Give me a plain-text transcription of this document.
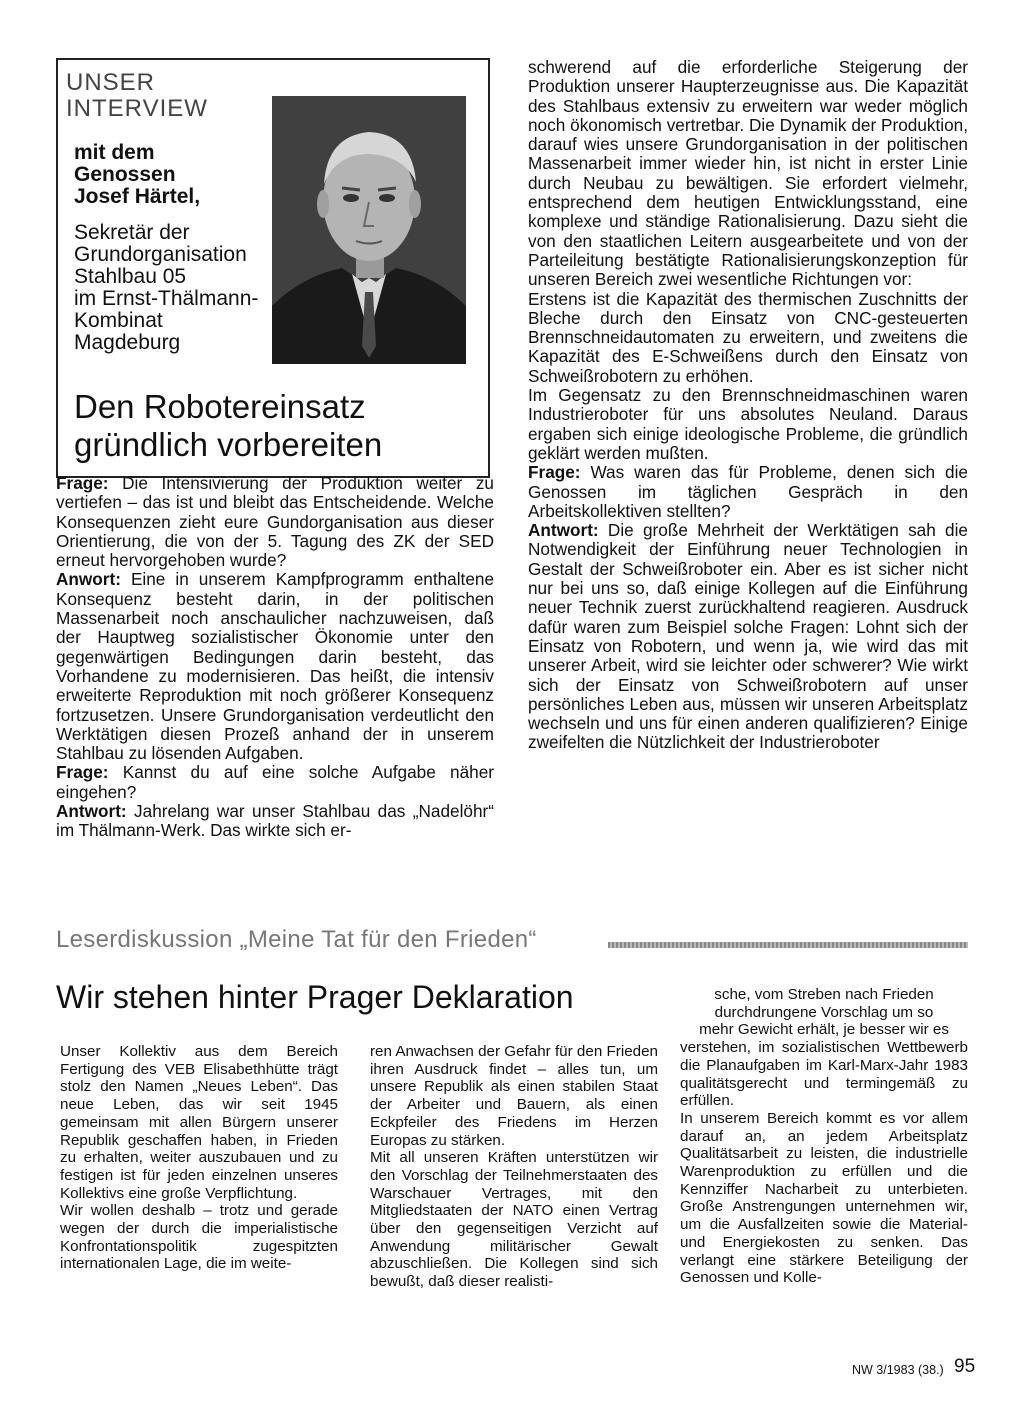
UNSER
INTERVIEW

mit dem

Genossen

Josef Härtel,

Sekretär der

Grundorganisation

Stahlbau 05

im Ernst-Thälmann-

Kombinat

Magdeburg

Den Robotereinsatz
gründlich vorbereiten

Frage: Die Intensivierung der Produktion weiter zu vertiefen – das ist und bleibt das Entscheidende. Welche Konsequenzen zieht eure Gundorganisation aus dieser Orientierung, die von der 5. Tagung des ZK der SED erneut hervorgehoben wurde?

Anwort: Eine in unserem Kampfprogramm enthaltene Konsequenz besteht darin, in der politischen Massenarbeit noch anschaulicher nachzuweisen, daß der Hauptweg sozialistischer Ökonomie unter den gegenwärtigen Bedingungen darin besteht, das Vorhandene zu modernisieren. Das heißt, die intensiv erweiterte Reproduktion mit noch größerer Konsequenz fortzusetzen. Unsere Grundorganisation verdeutlicht den Werktätigen diesen Prozeß anhand der in unserem Stahlbau zu lösenden Aufgaben.

Frage: Kannst du auf eine solche Aufgabe näher eingehen?

Antwort: Jahrelang war unser Stahlbau das „Nadelöhr“ im Thälmann-Werk. Das wirkte sich er-

schwerend auf die erforderliche Steigerung der Produktion unserer Haupterzeugnisse aus. Die Kapazität des Stahlbaus extensiv zu erweitern war weder möglich noch ökonomisch vertretbar. Die Dynamik der Produktion, darauf wies unsere Grundorganisation in der politischen Massenarbeit immer wieder hin, ist nicht in erster Linie durch Neubau zu bewältigen. Sie erfordert vielmehr, entsprechend dem heutigen Entwicklungsstand, eine komplexe und ständige Rationalisierung. Dazu sieht die von den staatlichen Leitern ausgearbeitete und von der Parteileitung bestätigte Rationalisierungskonzeption für unseren Bereich zwei wesentliche Richtungen vor:

Erstens ist die Kapazität des thermischen Zuschnitts der Bleche durch den Einsatz von CNC-gesteuerten Brennschneidautomaten zu erweitern, und zweitens die Kapazität des E-Schweißens durch den Einsatz von Schweißrobotern zu erhöhen.

Im Gegensatz zu den Brennschneidmaschinen waren Industrieroboter für uns absolutes Neuland. Daraus ergaben sich einige ideologische Probleme, die gründlich geklärt werden mußten.

Frage: Was waren das für Probleme, denen sich die Genossen im täglichen Gespräch in den Arbeitskollektiven stellten?

Antwort: Die große Mehrheit der Werktätigen sah die Notwendigkeit der Einführung neuer Technologien in Gestalt der Schweißroboter ein. Aber es ist sicher nicht nur bei uns so, daß einige Kollegen auf die Einführung neuer Technik zuerst zurückhaltend reagieren. Ausdruck dafür waren zum Beispiel solche Fragen: Lohnt sich der Einsatz von Robotern, und wenn ja, wie wird das mit unserer Arbeit, wird sie leichter oder schwerer? Wie wirkt sich der Einsatz von Schweißrobotern auf unser persönliches Leben aus, müssen wir unseren Arbeitsplatz wechseln und uns für einen anderen qualifizieren? Einige zweifelten die Nützlichkeit der Industrieroboter

Leserdiskussion „Meine Tat für den Frieden“
Wir stehen hinter Prager Deklaration

Unser Kollektiv aus dem Bereich Fertigung des VEB Elisabethhütte trägt stolz den Namen „Neues Leben“. Das neue Leben, das wir seit 1945 gemeinsam mit allen Bürgern unserer Republik geschaffen haben, in Frieden zu erhalten, weiter auszubauen und zu festigen ist für jeden einzelnen unseres Kollektivs eine große Verpflichtung.

Wir wollen deshalb – trotz und gerade wegen der durch die imperialistische Konfrontationspolitik zugespitzten internationalen Lage, die im weite-

ren Anwachsen der Gefahr für den Frieden ihren Ausdruck findet – alles tun, um unsere Republik als einen stabilen Staat der Arbeiter und Bauern, als einen Eckpfeiler des Friedens im Herzen Europas zu stärken.

Mit all unseren Kräften unterstützen wir den Vorschlag der Teilnehmerstaaten des Warschauer Vertrages, mit den Mitgliedstaaten der NATO einen Vertrag über den gegenseitigen Verzicht auf Anwendung militärischer Gewalt abzuschließen. Die Kollegen sind sich bewußt, daß dieser realisti-

sche, vom Streben nach Frieden

durchdrungene Vorschlag um so

mehr Gewicht erhält, je besser wir es

verstehen, im sozialistischen Wettbewerb die Planaufgaben im Karl-Marx-Jahr 1983 qualitätsgerecht und termingemäß zu erfüllen.

In unserem Bereich kommt es vor allem darauf an, an jedem Arbeitsplatz Qualitätsarbeit zu leisten, die industrielle Warenproduktion zu erfüllen und die Kennziffer Nacharbeit zu unterbieten. Große Anstrengungen unternehmen wir, um die Ausfallzeiten sowie die Material- und Energiekosten zu senken. Das verlangt eine stärkere Beteiligung der Genossen und Kolle-

NW 3/1983 (38.) 95
